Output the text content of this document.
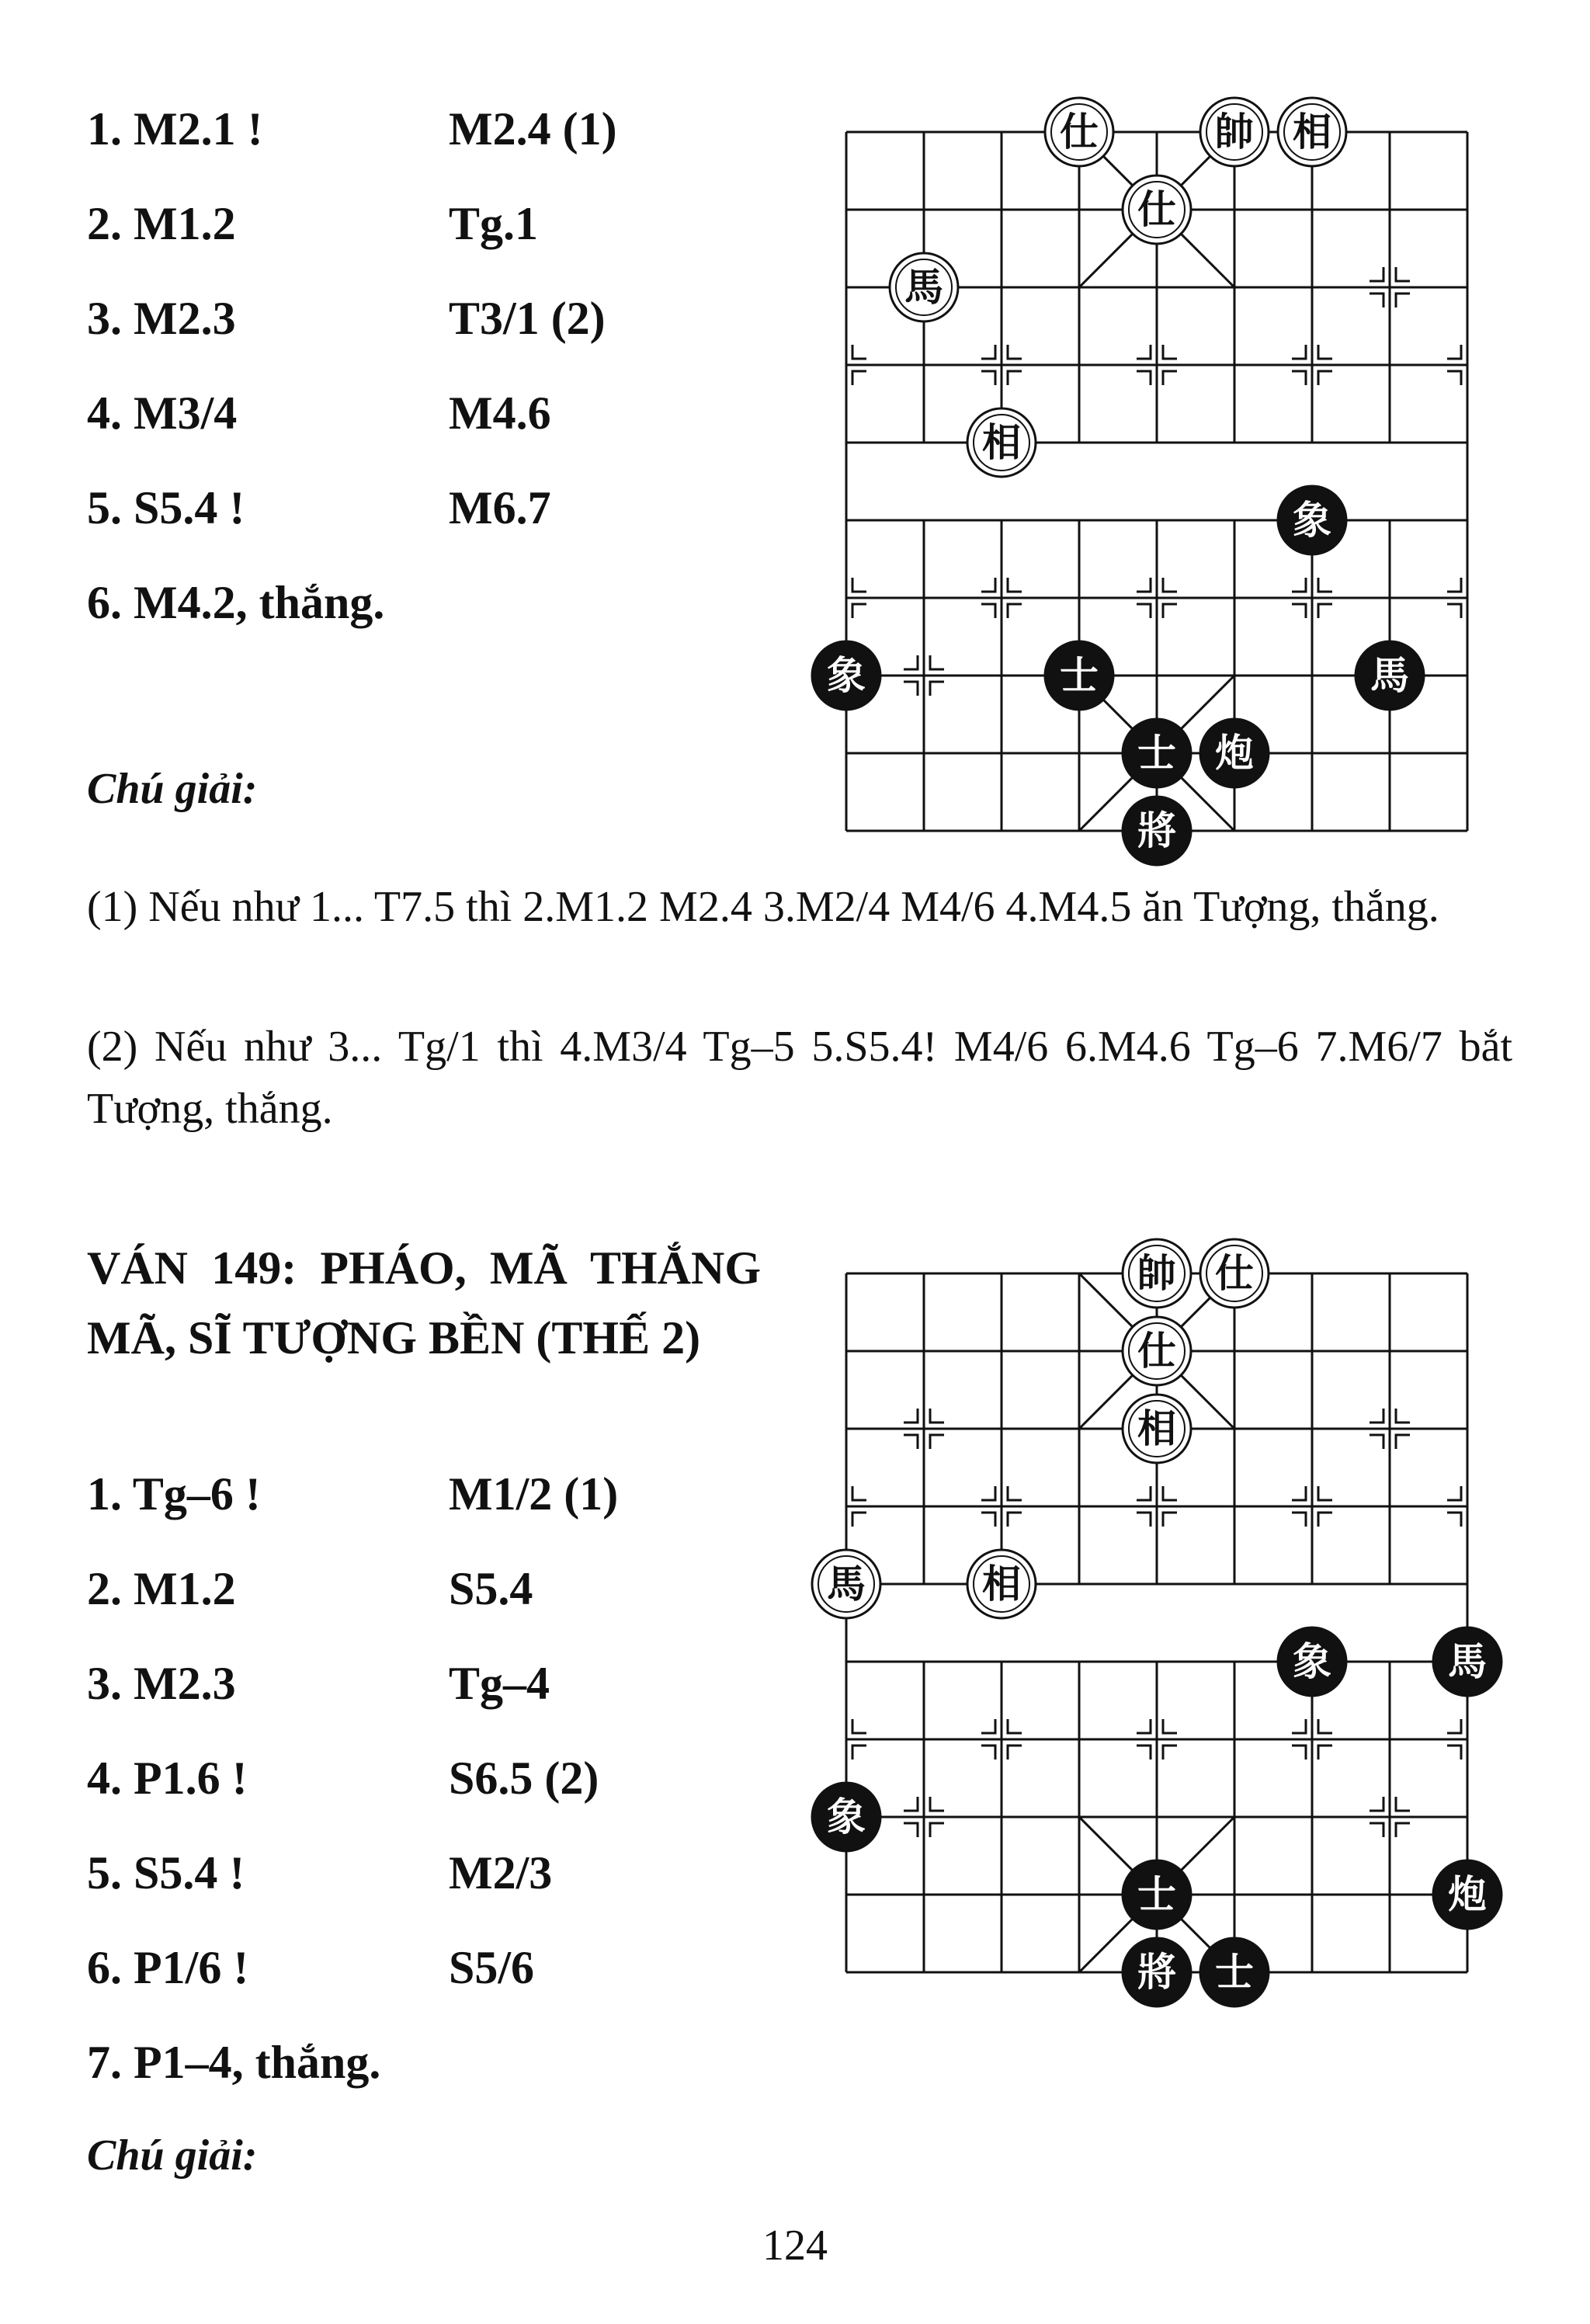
1. M2.1 !	M2.4 (1)
2. M1.2	Tg.1
3. M2.3	T3/1 (2)
4. M3/4	M4.6
5. S5.4 !	M6.7
6. M4.2, thắng.
Chú giải:
(1) Nếu như 1... T7.5 thì 2.M1.2 M2.4 3.M2/4 M4/6 4.M4.5 ăn Tượng, thắng.
(2) Nếu như 3... Tg/1 thì 4.M3/4 Tg–5 5.S5.4! M4/6 6.M4.6 Tg–6 7.M6/7 bắt Tượng, thắng.
仕	帥 相
仕
馬
相
象
象	士	馬
士 炮
將
VÁN 149: PHÁO, MÃ THẮNG MÃ, SĨ TƯỢNG BỀN (THẾ 2)
1. Tg–6 !	M1/2 (1)
2. M1.2	S5.4
3. M2.3	Tg–4
4. P1.6 !	S6.5 (2)
5. S5.4 !	M2/3
6. P1/6 !	S5/6
7. P1–4, thắng.
Chú giải:
帥 仕
仕
相
馬	相
象	馬
象
士	炮
將 士
124
